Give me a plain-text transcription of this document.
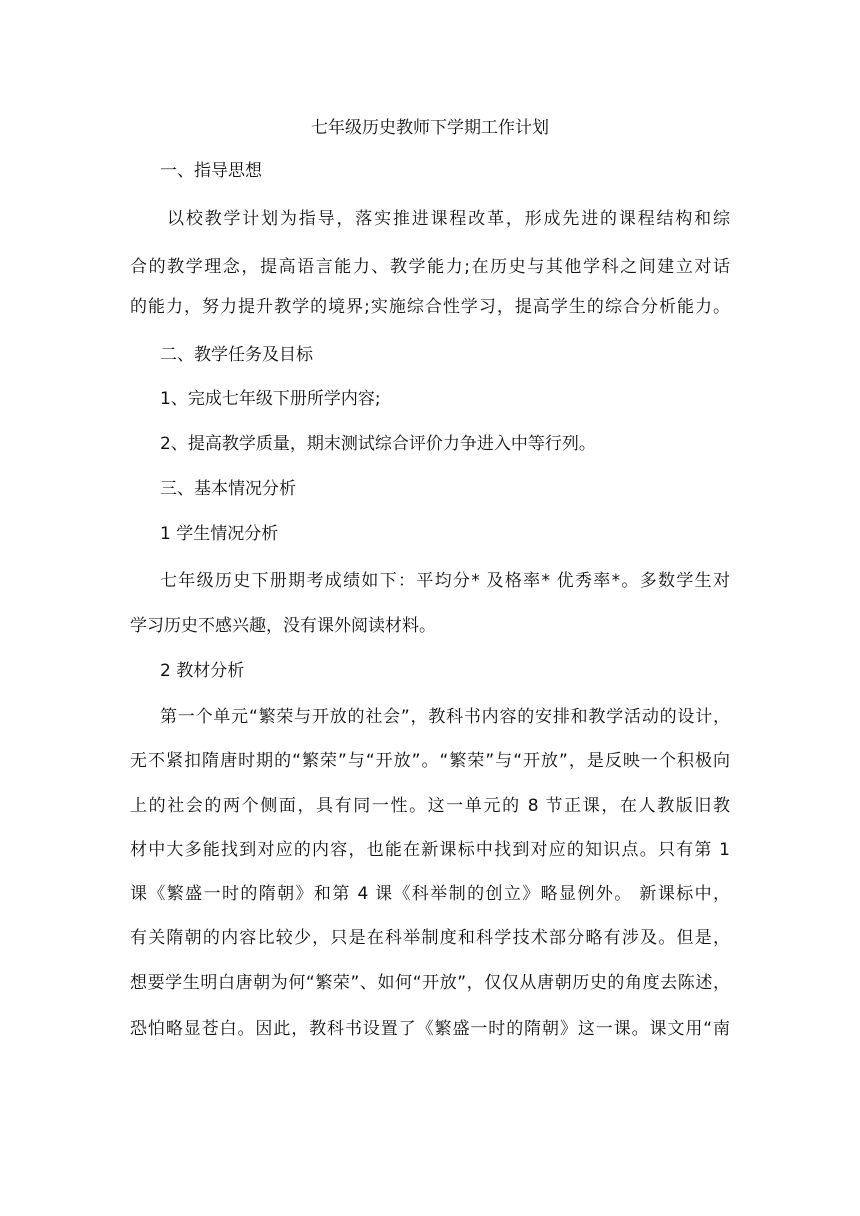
七年级历史教师下学期工作计划
一、指导思想
以校教学计划为指导，落实推进课程改革，形成先进的课程结构和综
合的教学理念，提高语言能力、教学能力;在历史与其他学科之间建立对话
的能力，努力提升教学的境界;实施综合性学习，提高学生的综合分析能力。
二、教学任务及目标
1、完成七年级下册所学内容;
2、提高教学质量，期末测试综合评价力争进入中等行列。
三、基本情况分析
1 学生情况分析
七年级历史下册期考成绩如下：平均分* 及格率* 优秀率*。多数学生对
学习历史不感兴趣，没有课外阅读材料。
2 教材分析
第一个单元“繁荣与开放的社会”，教科书内容的安排和教学活动的设计，
无不紧扣隋唐时期的“繁荣”与“开放”。“繁荣”与“开放”，是反映一个积极向
上的社会的两个侧面，具有同一性。这一单元的 8 节正课，在人教版旧教
材中大多能找到对应的内容，也能在新课标中找到对应的知识点。只有第 1
课《繁盛一时的隋朝》和第 4 课《科举制的创立》略显例外。 新课标中，
有关隋朝的内容比较少，只是在科举制度和科学技术部分略有涉及。但是，
想要学生明白唐朝为何“繁荣”、如何“开放”，仅仅从唐朝历史的角度去陈述，
恐怕略显苍白。因此，教科书设置了《繁盛一时的隋朝》这一课。课文用“南
